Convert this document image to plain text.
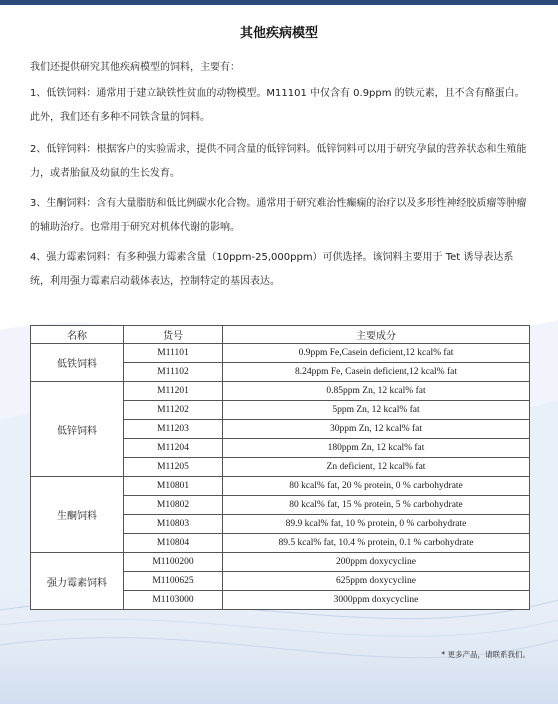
其他疾病模型

我们还提供研究其他疾病模型的饲料，主要有：

1、低铁饲料：通常用于建立缺铁性贫血的动物模型。M11101 中仅含有 0.9ppm 的铁元素，且不含有酪蛋白。此外，我们还有多种不同铁含量的饲料。

2、低锌饲料：根据客户的实验需求，提供不同含量的低锌饲料。低锌饲料可以用于研究孕鼠的营养状态和生殖能力，或者胎鼠及幼鼠的生长发育。

3、生酮饲料：含有大量脂肪和低比例碳水化合物。通常用于研究难治性癫痫的治疗以及多形性神经胶质瘤等肿瘤的辅助治疗。也常用于研究对机体代谢的影响。

4、强力霉素饲料：有多种强力霉素含量（10ppm-25,000ppm）可供选择。该饲料主要用于 Tet 诱导表达系统，利用强力霉素启动载体表达，控制特定的基因表达。

名称	货号	主要成分
低铁饲料	M11101	0.9ppm Fe,Casein deficient,12 kcal% fat
	M11102	8.24ppm Fe, Casein deficient,12 kcal% fat
低锌饲料	M11201	0.85ppm Zn, 12 kcal% fat
	M11202	5ppm Zn, 12 kcal% fat
	M11203	30ppm Zn, 12 kcal% fat
	M11204	180ppm Zn, 12 kcal% fat
	M11205	Zn deficient, 12 kcal% fat
生酮饲料	M10801	80 kcal% fat, 20 % protein, 0 % carbohydrate
	M10802	80 kcal% fat, 15 % protein, 5 % carbohydrate
	M10803	89.9 kcal% fat, 10 % protein, 0 % carbohydrate
	M10804	89.5 kcal% fat, 10.4 % protein, 0.1 % carbohydrate
强力霉素饲料	M1100200	200ppm doxycycline
	M1100625	625ppm doxycycline
	M1103000	3000ppm doxycycline
* 更多产品，请联系我们。
